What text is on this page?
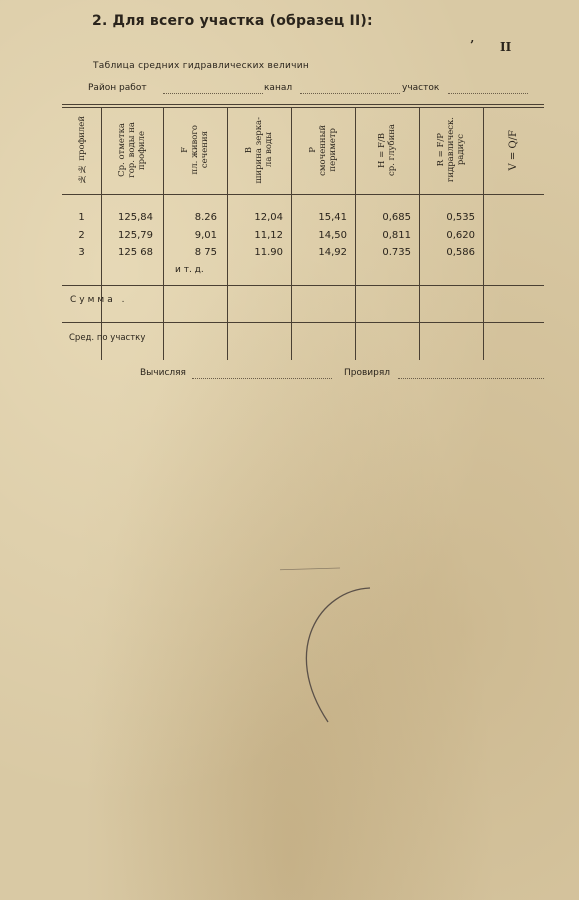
2. Для всего участка (образец II):
’ II
Таблица средних гидравлических величин
Район работ	канал	участок
№№ профилей	Ср. отметка гор. воды на профиле	F пл. живого сечения	B ширина зерка- ла воды	P смоченный периметр	H = F/B ср. глубина	R = F/P гидравлическ. радиус	V = Q/F
1	125,84	8.26	12,04	15,41	0,685	0,535
2	125,79	9,01	11,12	14,50	0,811	0,620
3	125 68	8 75	11.90	14,92	0.735	0,586
и т. д.
Сумма .
Сред. по участку
Вычисляя	Провирял
